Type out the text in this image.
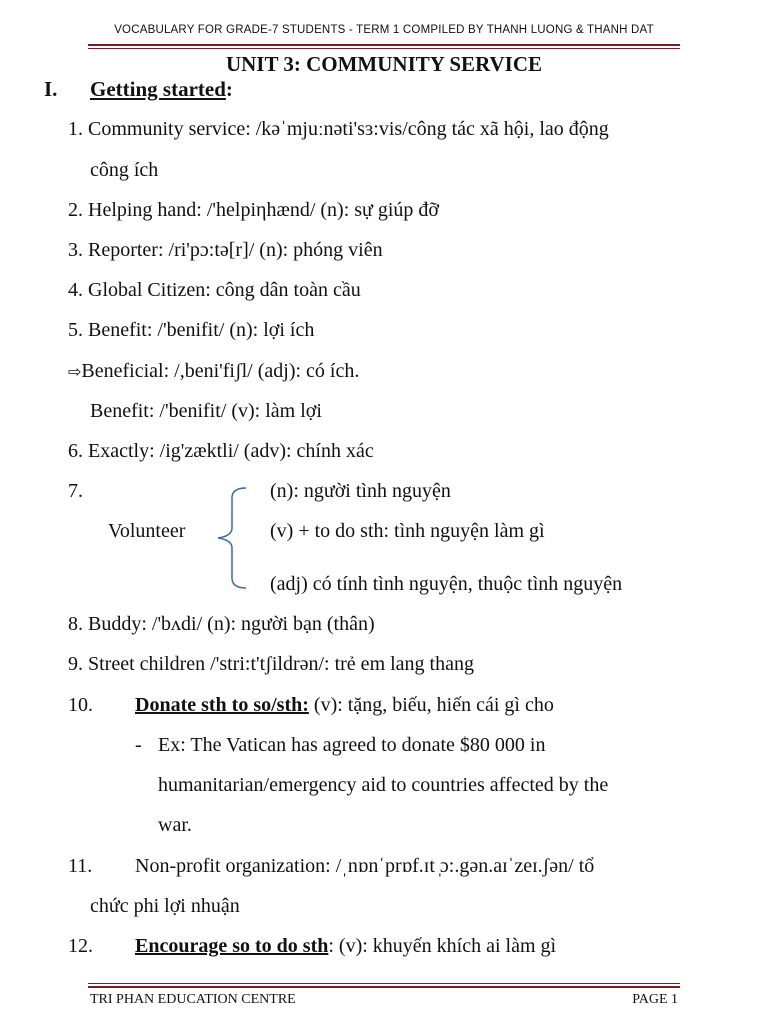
VOCABULARY FOR GRADE-7 STUDENTS - TERM 1 COMPILED BY THANH LUONG & THANH DAT
UNIT 3: COMMUNITY SERVICE
I. Getting started:
1. Community service: /kəˈmjuːnəti'sɜ:vis/công tác xã hội, lao động
công ích
2. Helping hand: /'helpiηhænd/ (n): sự giúp đỡ
3. Reporter: /ri'pɔ:tə[r]/ (n): phóng viên
4. Global Citizen: công dân toàn cầu
5. Benefit: /'benifit/ (n): lợi ích
⇨Beneficial: /,beni'fiʃl/ (adj): có ích.
Benefit: /'benifit/ (v): làm lợi
6. Exactly: /ig'zæktli/ (adv): chính xác
7.
Volunteer
(n): người tình nguyện
(v) + to do sth: tình nguyện làm gì
(adj) có tính tình nguyện, thuộc tình nguyện
8. Buddy: /'bʌdi/ (n): người bạn (thân)
9. Street children /'stri:t'tʃildrən/: trẻ em lang thang
10. Donate sth to so/sth: (v): tặng, biếu, hiến cái gì cho
- Ex: The Vatican has agreed to donate $80 000 in
humanitarian/emergency aid to countries affected by the
war.
11. Non-profit organization: /ˌnɒnˈprɒf.ɪt ̩ɔ:.gən.aɪˈzeɪ.ʃən/ tổ
chức phi lợi nhuận
12. Encourage so to do sth: (v): khuyến khích ai làm gì
TRI PHAN EDUCATION CENTRE	PAGE 1
